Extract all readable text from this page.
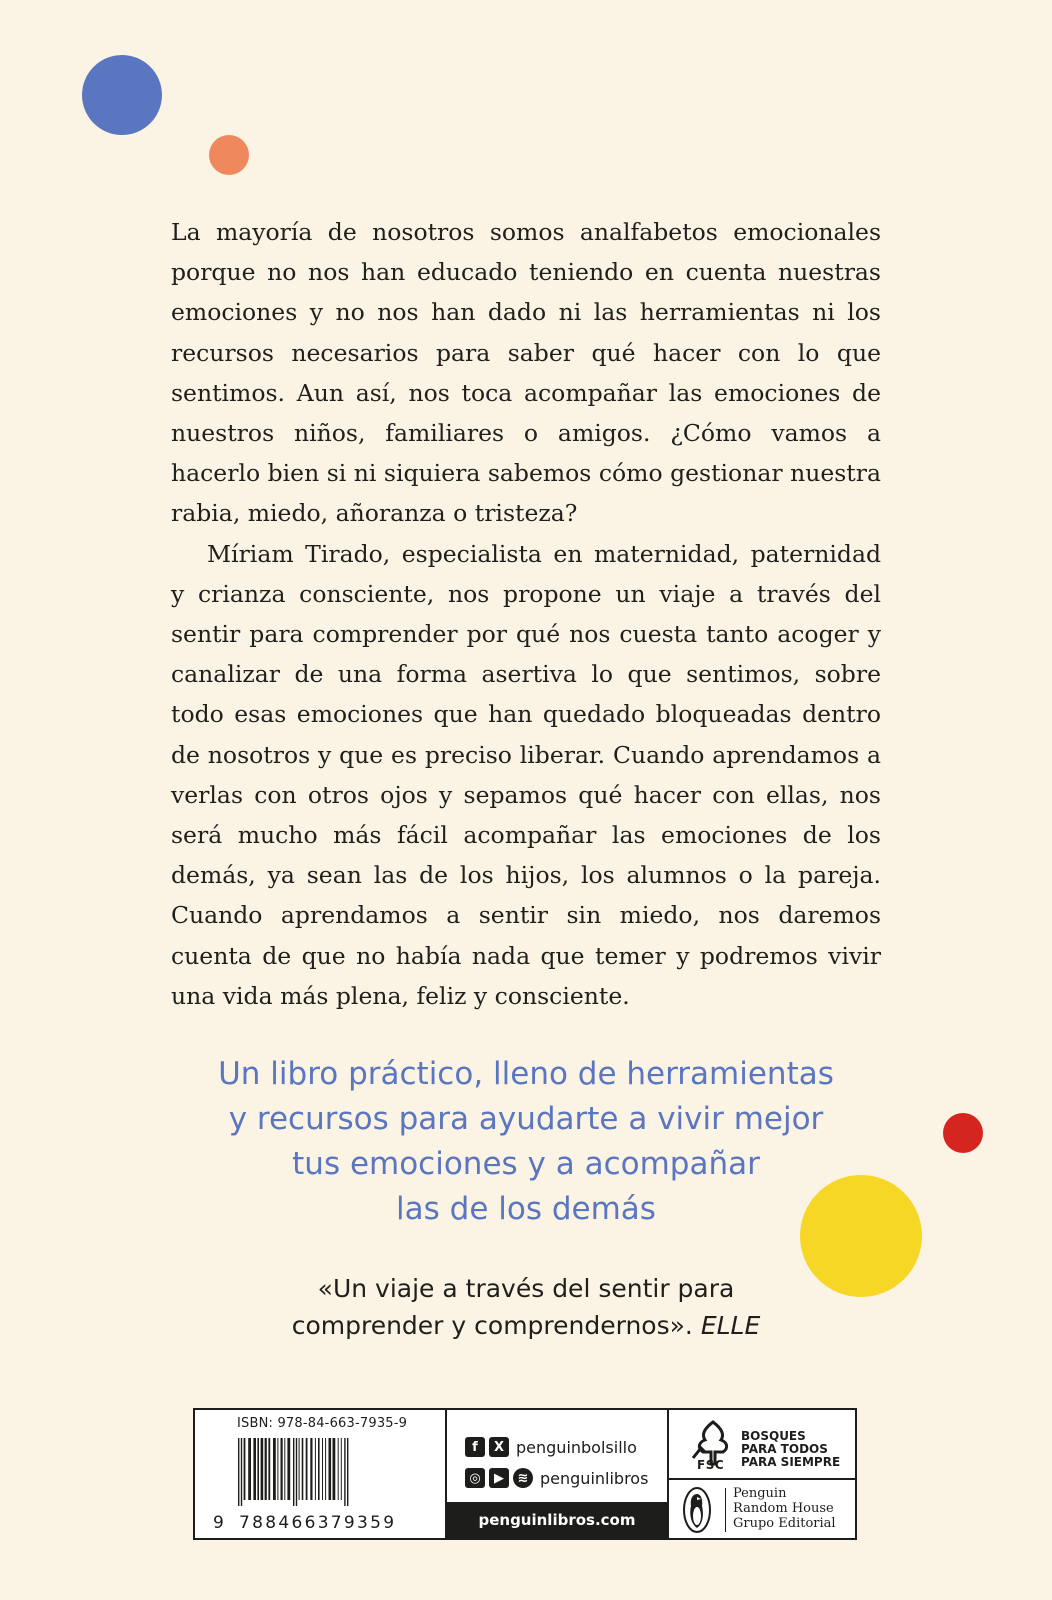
La mayoría de nosotros somos analfabetos emocionales porque no nos han educado teniendo en cuenta nuestras emociones y no nos han dado ni las herramientas ni los recursos necesarios para saber qué hacer con lo que sentimos. Aun así, nos toca acompañar las emociones de nuestros niños, familiares o amigos. ¿Cómo vamos a hacerlo bien si ni siquiera sabemos cómo gestionar nuestra rabia, miedo, añoranza o tristeza?

Míriam Tirado, especialista en maternidad, paternidad y crianza consciente, nos propone un viaje a través del sentir para comprender por qué nos cuesta tanto acoger y canalizar de una forma asertiva lo que sentimos, sobre todo esas emociones que han quedado bloqueadas dentro de nosotros y que es preciso liberar. Cuando aprendamos a verlas con otros ojos y sepamos qué hacer con ellas, nos será mucho más fácil acompañar las emociones de los demás, ya sean las de los hijos, los alumnos o la pareja. Cuando aprendamos a sentir sin miedo, nos daremos cuenta de que no había nada que temer y podremos vivir una vida más plena, feliz y consciente.

Un libro práctico, lleno de herramientas
y recursos para ayudarte a vivir mejor
tus emociones y a acompañar
las de los demás
«Un viaje a través del sentir para
comprender y comprendernos». ELLE
ISBN: 978-84-663-7935-9
9 788466379359
f	X penguinbolsillo
◎	▶	≋ penguinlibros
penguinlibros.com
FSC
BOSQUES
PARA TODOS
PARA SIEMPRE
Penguin
Random House
Grupo Editorial
